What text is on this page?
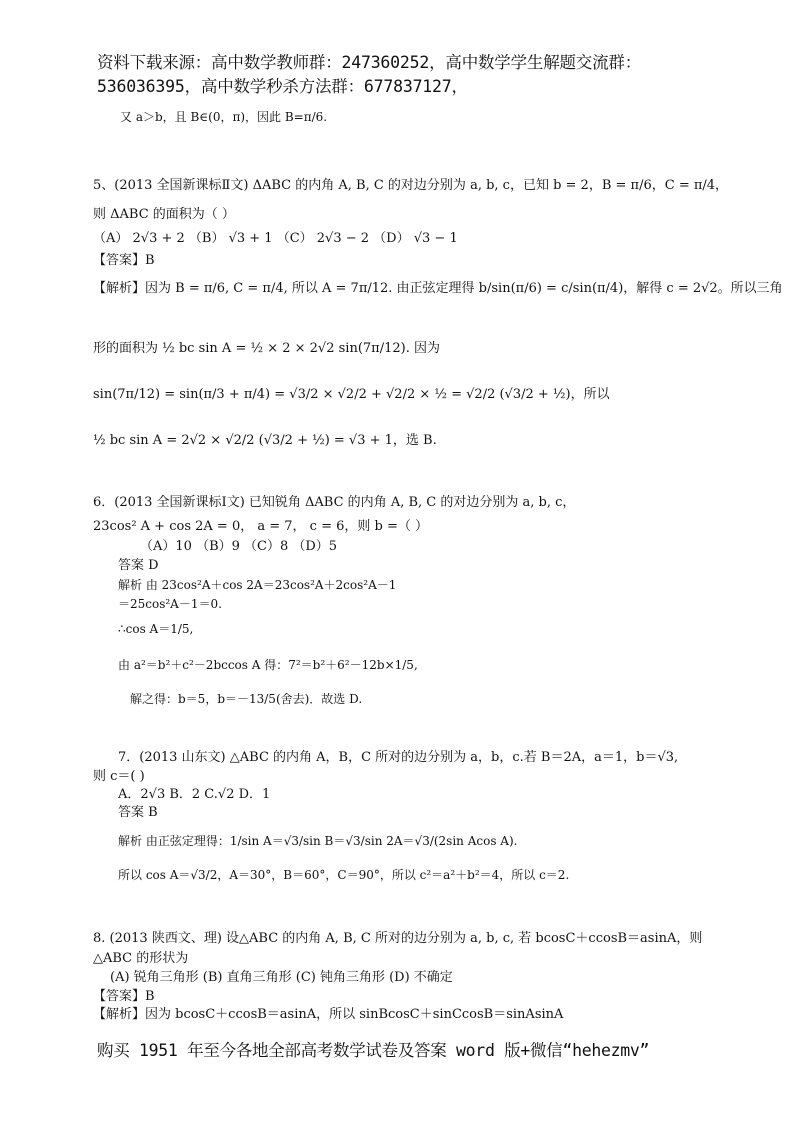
资料下载来源：高中数学教师群：247360252，高中数学学生解题交流群：
536036395，高中数学秒杀方法群：677837127，
又 a＞b，且 B∈(0，π)，因此 B=π/6.
5、(2013 全国新课标Ⅱ文) ΔABC 的内角 A, B, C 的对边分别为 a, b, c，已知 b = 2，B = π/6，C = π/4，
则 ΔABC 的面积为（ ）
（A） 2√3 + 2 （B） √3 + 1 （C） 2√3 − 2 （D） √3 − 1
【答案】B
【解析】因为 B = π/6, C = π/4, 所以 A = 7π/12. 由正弦定理得 b/sin(π/6) = c/sin(π/4)，解得 c = 2√2。所以三角
形的面积为 ½ bc sin A = ½ × 2 × 2√2 sin(7π/12). 因为
sin(7π/12) = sin(π/3 + π/4) = √3/2 × √2/2 + √2/2 × ½ = √2/2 (√3/2 + ½)，所以
½ bc sin A = 2√2 × √2/2 (√3/2 + ½) = √3 + 1，选 B.
6．(2013 全国新课标Ⅰ文) 已知锐角 ΔABC 的内角 A, B, C 的对边分别为 a, b, c，
23cos² A + cos 2A = 0， a = 7， c = 6，则 b =（ ）
（A）10 （B）9 （C）8 （D）5
答案 D
解析 由 23cos²A＋cos 2A＝23cos²A＋2cos²A－1
＝25cos²A－1＝0.
∴cos A＝1/5,
由 a²＝b²＋c²－2bccos A 得：7²＝b²＋6²－12b×1/5,
解之得：b＝5，b＝－13/5(舍去)．故选 D.
7．(2013 山东文) △ABC 的内角 A，B，C 所对的边分别为 a，b，c.若 B＝2A，a＝1，b＝√3,
则 c＝( )
A．2√3 B．2 C.√2 D．1
答案 B
解析 由正弦定理得：1/sin A＝√3/sin B＝√3/sin 2A＝√3/(2sin Acos A).
所以 cos A＝√3/2，A＝30°，B＝60°，C＝90°，所以 c²＝a²＋b²＝4，所以 c＝2.
8. (2013 陕西文、理) 设△ABC 的内角 A, B, C 所对的边分别为 a, b, c, 若 bcosC＋ccosB＝asinA，则
△ABC 的形状为
(A) 锐角三角形 (B) 直角三角形 (C) 钝角三角形 (D) 不确定
【答案】B
【解析】因为 bcosC＋ccosB＝asinA，所以 sinBcosC＋sinCcosB＝sinAsinA
购买 1951 年至今各地全部高考数学试卷及答案 word 版+微信“hehezmv”
